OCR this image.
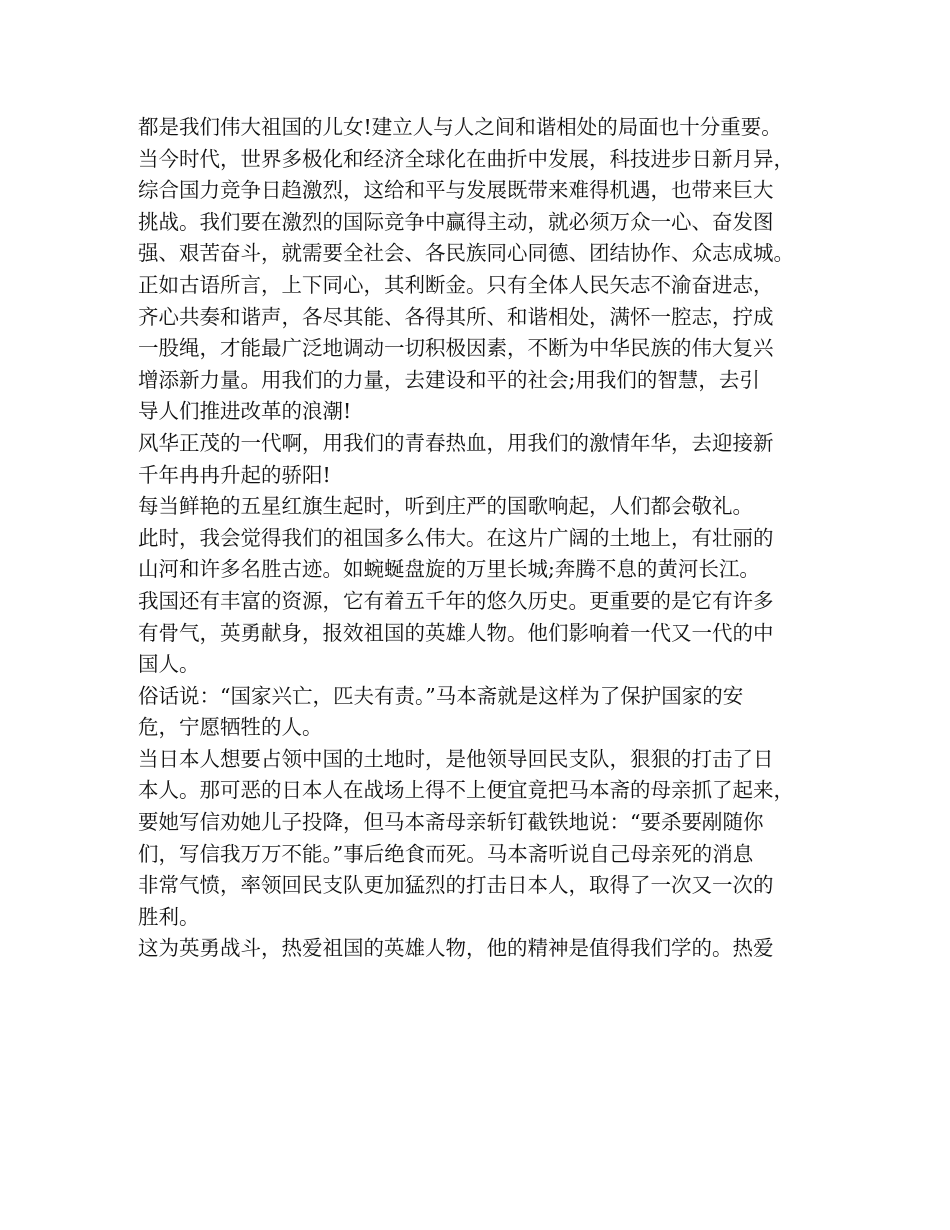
都是我们伟大祖国的儿女!建立人与人之间和谐相处的局面也十分重要。
当今时代，世界多极化和经济全球化在曲折中发展，科技进步日新月异，
综合国力竞争日趋激烈，这给和平与发展既带来难得机遇，也带来巨大
挑战。我们要在激烈的国际竞争中赢得主动，就必须万众一心、奋发图
强、艰苦奋斗，就需要全社会、各民族同心同德、团结协作、众志成城。
正如古语所言，上下同心，其利断金。只有全体人民矢志不渝奋进志，
齐心共奏和谐声，各尽其能、各得其所、和谐相处，满怀一腔志，拧成
一股绳，才能最广泛地调动一切积极因素，不断为中华民族的伟大复兴
增添新力量。用我们的力量，去建设和平的社会;用我们的智慧，去引
导人们推进改革的浪潮!
风华正茂的一代啊，用我们的青春热血，用我们的激情年华，去迎接新
千年冉冉升起的骄阳!
每当鲜艳的五星红旗生起时，听到庄严的国歌响起，人们都会敬礼。
此时，我会觉得我们的祖国多么伟大。在这片广阔的土地上，有壮丽的
山河和许多名胜古迹。如蜿蜒盘旋的万里长城;奔腾不息的黄河长江。
我国还有丰富的资源，它有着五千年的悠久历史。更重要的是它有许多
有骨气，英勇献身，报效祖国的英雄人物。他们影响着一代又一代的中
国人。
俗话说：“国家兴亡，匹夫有责。”马本斋就是这样为了保护国家的安
危，宁愿牺牲的人。
当日本人想要占领中国的土地时，是他领导回民支队，狠狠的打击了日
本人。那可恶的日本人在战场上得不上便宜竟把马本斋的母亲抓了起来，
要她写信劝她儿子投降，但马本斋母亲斩钉截铁地说：“要杀要剐随你
们，写信我万万不能。”事后绝食而死。马本斋听说自己母亲死的消息
非常气愤，率领回民支队更加猛烈的打击日本人，取得了一次又一次的
胜利。
这为英勇战斗，热爱祖国的英雄人物，他的精神是值得我们学的。热爱
